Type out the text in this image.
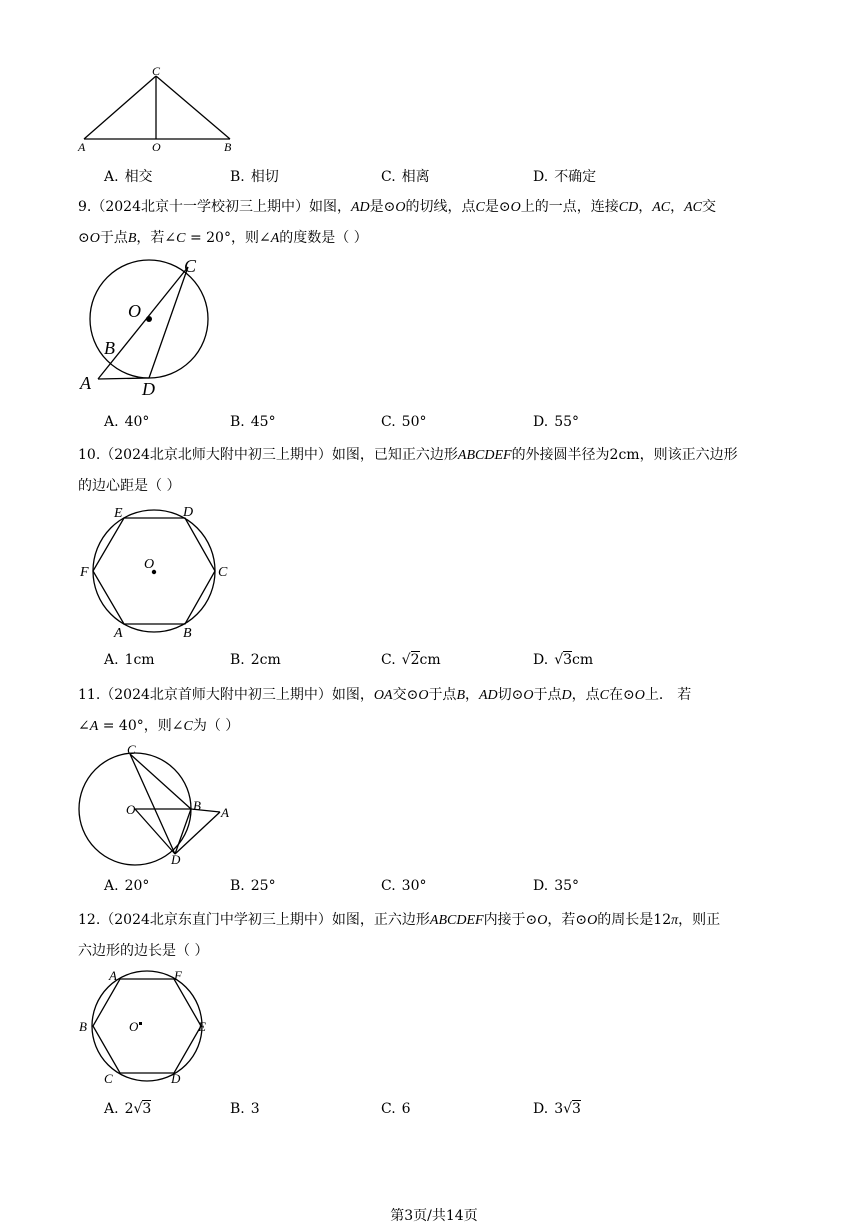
C
A	O	B
A. 相交	B. 相切	C. 相离	D. 不确定
9.（2024北京十一学校初三上期中）如图，AD是⊙O的切线，点C是⊙O上的一点，连接CD，AC，AC交
⊙O于点B，若∠C = 20°，则∠A的度数是（ ）
C
O
B
A	D
A. 40°	B. 45°	C. 50°	D. 55°
10.（2024北京北师大附中初三上期中）如图，已知正六边形ABCDEF的外接圆半径为2cm，则该正六边形
的边心距是（ ）
E	D
F
O
C
A	B
A. 1cm	B. 2cm	C. √2cm	D. √3cm
11.（2024北京首师大附中初三上期中）如图，OA交⊙O于点B，AD切⊙O于点D，点C在⊙O上． 若
∠A = 40°，则∠C为（ ）
C
O	B A
D
A. 20°	B. 25°	C. 30°	D. 35°
12.（2024北京东直门中学初三上期中）如图，正六边形ABCDEF内接于⊙O，若⊙O的周长是12π，则正
六边形的边长是（ ）
A	F
B	O	E
C	D
A. 2√3	B. 3	C. 6	D. 3√3
第3页/共14页
